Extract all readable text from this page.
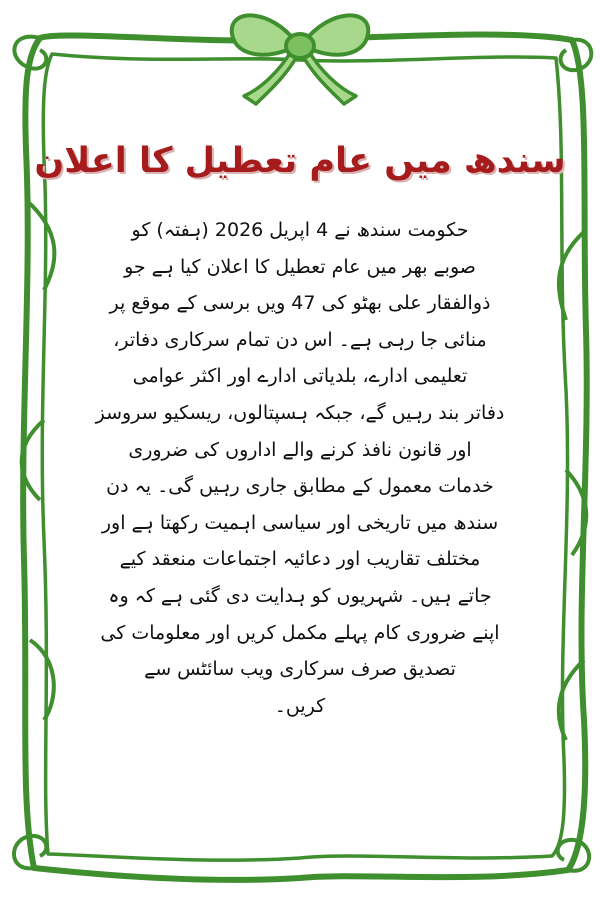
سندھ میں عام تعطیل کا اعلان
حکومت سندھ نے 4 اپریل 2026 (ہفتہ) کو
صوبے بھر میں عام تعطیل کا اعلان کیا ہے جو
ذوالفقار علی بھٹو کی 47 ویں برسی کے موقع پر
منائی جا رہی ہے۔ اس دن تمام سرکاری دفاتر،
تعلیمی ادارے، بلدیاتی ادارے اور اکثر عوامی
دفاتر بند رہیں گے، جبکہ ہسپتالوں، ریسکیو سروسز
اور قانون نافذ کرنے والے اداروں کی ضروری
خدمات معمول کے مطابق جاری رہیں گی۔ یہ دن
سندھ میں تاریخی اور سیاسی اہمیت رکھتا ہے اور
مختلف تقاریب اور دعائیہ اجتماعات منعقد کیے
جاتے ہیں۔ شہریوں کو ہدایت دی گئی ہے کہ وہ
اپنے ضروری کام پہلے مکمل کریں اور معلومات کی
تصدیق صرف سرکاری ویب سائٹس سے
کریں۔
